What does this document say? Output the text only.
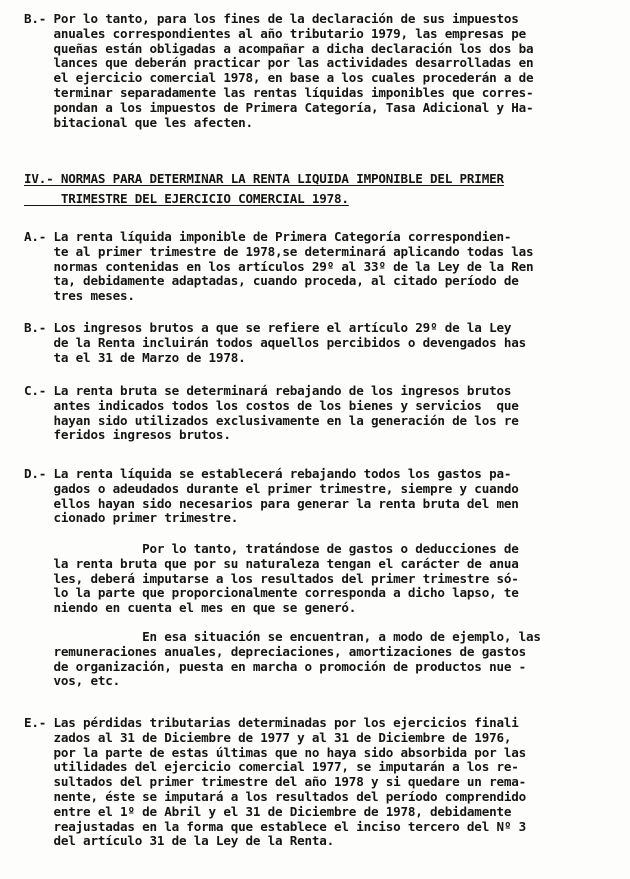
B.- Por lo tanto, para los fines de la declaración de sus impuestos
anuales correspondientes al año tributario 1979, las empresas pe
queñas están obligadas a acompañar a dicha declaración los dos ba
lances que deberán practicar por las actividades desarrolladas en
el ejercicio comercial 1978, en base a los cuales procederán a de
terminar separadamente las rentas líquidas imponibles que corres-
pondan a los impuestos de Primera Categoría, Tasa Adicional y Ha-
bitacional que les afecten.
IV.- NORMAS PARA DETERMINAR LA RENTA LIQUIDA IMPONIBLE DEL PRIMER
TRIMESTRE DEL EJERCICIO COMERCIAL 1978.
A.- La renta líquida imponible de Primera Categoría correspondien-
te al primer trimestre de 1978,se determinará aplicando todas las
normas contenidas en los artículos 29º al 33º de la Ley de la Ren
ta, debidamente adaptadas, cuando proceda, al citado período de
tres meses.
B.- Los ingresos brutos a que se refiere el artículo 29º de la Ley
de la Renta incluirán todos aquellos percibidos o devengados has
ta el 31 de Marzo de 1978.
C.- La renta bruta se determinará rebajando de los ingresos brutos
antes indicados todos los costos de los bienes y servicios  que
hayan sido utilizados exclusivamente en la generación de los re
feridos ingresos brutos.
D.- La renta líquida se establecerá rebajando todos los gastos pa-
gados o adeudados durante el primer trimestre, siempre y cuando
ellos hayan sido necesarios para generar la renta bruta del men
cionado primer trimestre.
Por lo tanto, tratándose de gastos o deducciones de
la renta bruta que por su naturaleza tengan el carácter de anua
les, deberá imputarse a los resultados del primer trimestre só-
lo la parte que proporcionalmente corresponda a dicho lapso, te
niendo en cuenta el mes en que se generó.
En esa situación se encuentran, a modo de ejemplo, las
remuneraciones anuales, depreciaciones, amortizaciones de gastos
de organización, puesta en marcha o promoción de productos nue -
vos, etc.
E.- Las pérdidas tributarias determinadas por los ejercicios finali
zados al 31 de Diciembre de 1977 y al 31 de Diciembre de 1976,
por la parte de estas últimas que no haya sido absorbida por las
utilidades del ejercicio comercial 1977, se imputarán a los re-
sultados del primer trimestre del año 1978 y si quedare un rema-
nente, éste se imputará a los resultados del período comprendido
entre el 1º de Abril y el 31 de Diciembre de 1978, debidamente
reajustadas en la forma que establece el inciso tercero del Nº 3
del artículo 31 de la Ley de la Renta.
